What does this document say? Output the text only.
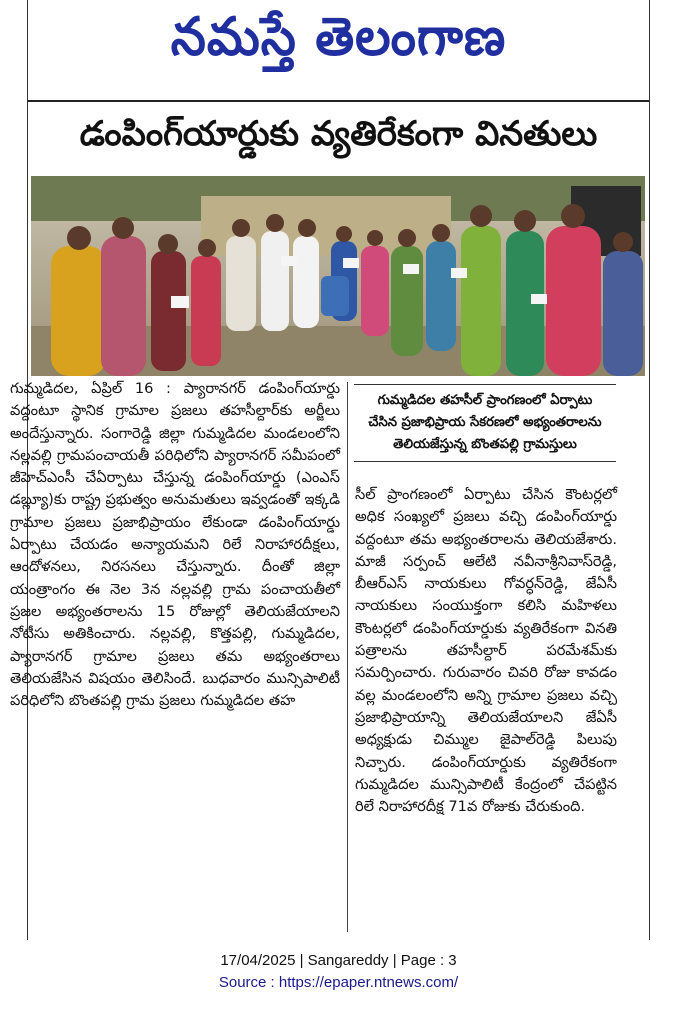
నమస్తే తెలంగాణ
డంపింగ్‌యార్డుకు వ్యతిరేకంగా వినతులు

గుమ్మడిదల, ఏప్రిల్ 16 : ప్యారానగర్ డంపింగ్‌యార్డు వద్దంటూ స్థానిక గ్రామాల ప్రజలు తహసీల్దార్‌కు అర్జీలు అందేస్తున్నారు. సంగారెడ్డి జిల్లా గుమ్మడిదల మండలంలోని నల్లవల్లి గ్రామపంచాయతీ పరిధిలోని ప్యారానగర్ సమీపంలో జీహెచ్‌ఎంసీ చేఏర్పాటు చేస్తున్న డంపింగ్‌యార్డు (ఎంఎస్ డబ్ల్యూ)కు రాష్ట్ర ప్రభుత్వం అనుమతులు ఇవ్వడంతో ఇక్కడి గ్రామాల ప్రజలు ప్రజాభిప్రాయం లేకుండా డంపింగ్‌యార్డు ఏర్పాటు చేయడం అన్యాయమని రిలే నిరాహారదీక్షలు, ఆందోళనలు, నిరసనలు చేస్తున్నారు. దీంతో జిల్లా యంత్రాంగం ఈ నెల 3న నల్లవల్లి గ్రామ పంచాయతీలో ప్రజల అభ్యంతరాలను 15 రోజుల్లో తెలియజేయాలని నోటీసు అతికించారు. నల్లవల్లి, కొత్తపల్లి, గుమ్మడిదల, ప్యారానగర్ గ్రామాల ప్రజలు తమ అభ్యంతరాలు తెలియజేసిన విషయం తెలిసిందే. బుధవారం మున్సిపాలిటీ పరిధిలోని బొంతపల్లి గ్రామ ప్రజలు గుమ్మడిదల తహ

గుమ్మడిదల తహసీల్ ప్రాంగణంలో ఏర్పాటు
చేసిన ప్రజాభిప్రాయ సేకరణలో అభ్యంతరాలను
తెలియజేస్తున్న బొంతపల్లి గ్రామస్తులు

సీల్ ప్రాంగణంలో ఏర్పాటు చేసిన కౌంటర్లలో అధిక సంఖ్యలో ప్రజలు వచ్చి డంపింగ్‌యార్డు వద్దంటూ తమ అభ్యంతరాలను తెలియజేశారు. మాజీ సర్పంచ్ ఆలేటి నవీనాశ్రీనివాస్‌రెడ్డి, బీఆర్‌ఎస్ నాయకులు గోవర్ధన్‌రెడ్డి, జేఏసీ నాయకులు సంయుక్తంగా కలిసి మహిళలు కౌంటర్లలో డంపింగ్‌యార్డుకు వ్యతిరేకంగా వినతి పత్రాలను తహసీల్దార్ పరమేశమ్‌కు సమర్పించారు. గురువారం చివరి రోజు కావడం వల్ల మండలంలోని అన్ని గ్రామాల ప్రజలు వచ్చి ప్రజాభిప్రాయాన్ని తెలియజేయాలని జేఏసీ అధ్యక్షుడు చిమ్ముల జైపాల్‌రెడ్డి పిలుపు నిచ్చారు. డంపింగ్‌యార్డుకు వ్యతిరేకంగా గుమ్మడిదల మున్సిపాలిటీ కేంద్రంలో చేపట్టిన రిలే నిరాహారదీక్ష 71వ రోజుకు చేరుకుంది.

17/04/2025 | Sangareddy | Page : 3
Source : https://epaper.ntnews.com/
